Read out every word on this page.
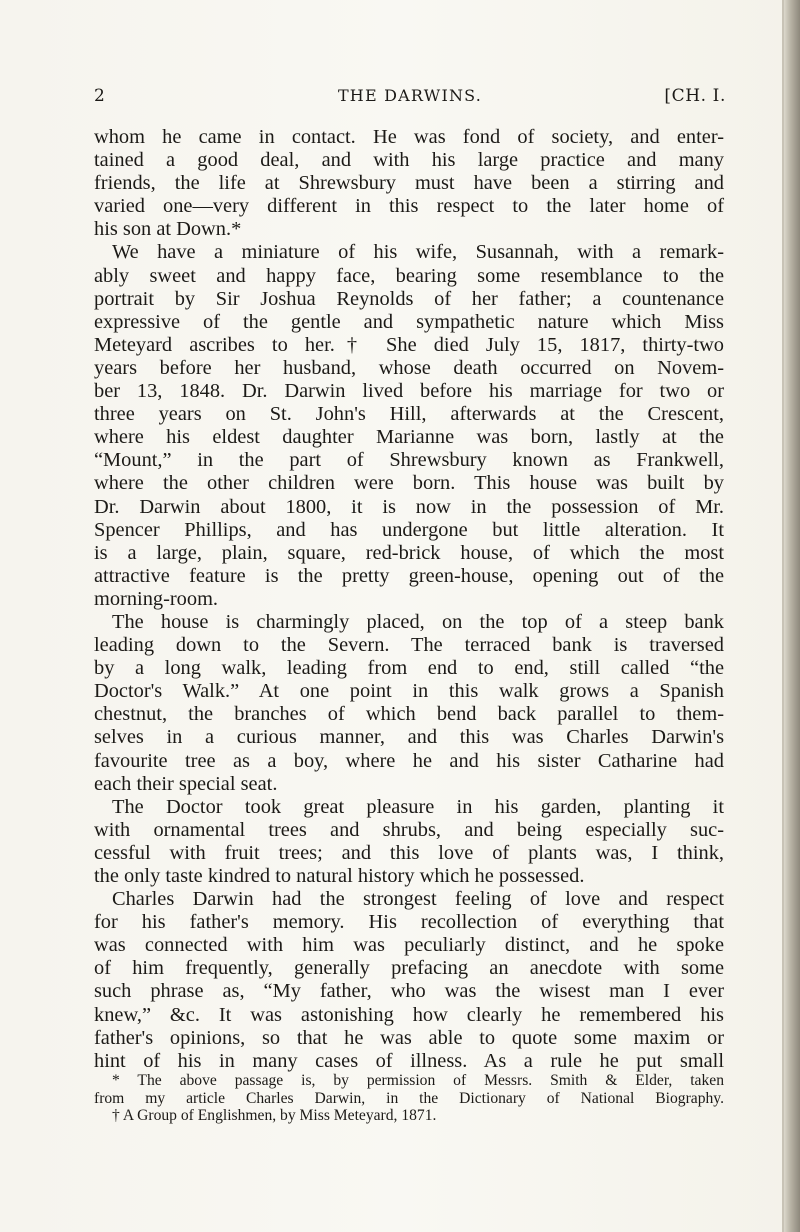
2	THE DARWINS.	[CH. I.
whom he came in contact. He was fond of society, and enter-
tained a good deal, and with his large practice and many
friends, the life at Shrewsbury must have been a stirring and
varied one—very different in this respect to the later home of
his son at Down.*
We have a miniature of his wife, Susannah, with a remark-
ably sweet and happy face, bearing some resemblance to the
portrait by Sir Joshua Reynolds of her father; a countenance
expressive of the gentle and sympathetic nature which Miss
Meteyard ascribes to her.† She died July 15, 1817, thirty-two
years before her husband, whose death occurred on Novem-
ber 13, 1848. Dr. Darwin lived before his marriage for two or
three years on St. John's Hill, afterwards at the Crescent,
where his eldest daughter Marianne was born, lastly at the
“Mount,” in the part of Shrewsbury known as Frankwell,
where the other children were born. This house was built by
Dr. Darwin about 1800, it is now in the possession of Mr.
Spencer Phillips, and has undergone but little alteration. It
is a large, plain, square, red-brick house, of which the most
attractive feature is the pretty green-house, opening out of the
morning-room.
The house is charmingly placed, on the top of a steep bank
leading down to the Severn. The terraced bank is traversed
by a long walk, leading from end to end, still called “the
Doctor's Walk.” At one point in this walk grows a Spanish
chestnut, the branches of which bend back parallel to them-
selves in a curious manner, and this was Charles Darwin's
favourite tree as a boy, where he and his sister Catharine had
each their special seat.
The Doctor took great pleasure in his garden, planting it
with ornamental trees and shrubs, and being especially suc-
cessful with fruit trees; and this love of plants was, I think,
the only taste kindred to natural history which he possessed.
Charles Darwin had the strongest feeling of love and respect
for his father's memory. His recollection of everything that
was connected with him was peculiarly distinct, and he spoke
of him frequently, generally prefacing an anecdote with some
such phrase as, “My father, who was the wisest man I ever
knew,” &c. It was astonishing how clearly he remembered his
father's opinions, so that he was able to quote some maxim or
hint of his in many cases of illness. As a rule he put small
* The above passage is, by permission of Messrs. Smith & Elder, taken
from my article Charles Darwin, in the Dictionary of National Biography.
† A Group of Englishmen, by Miss Meteyard, 1871.
